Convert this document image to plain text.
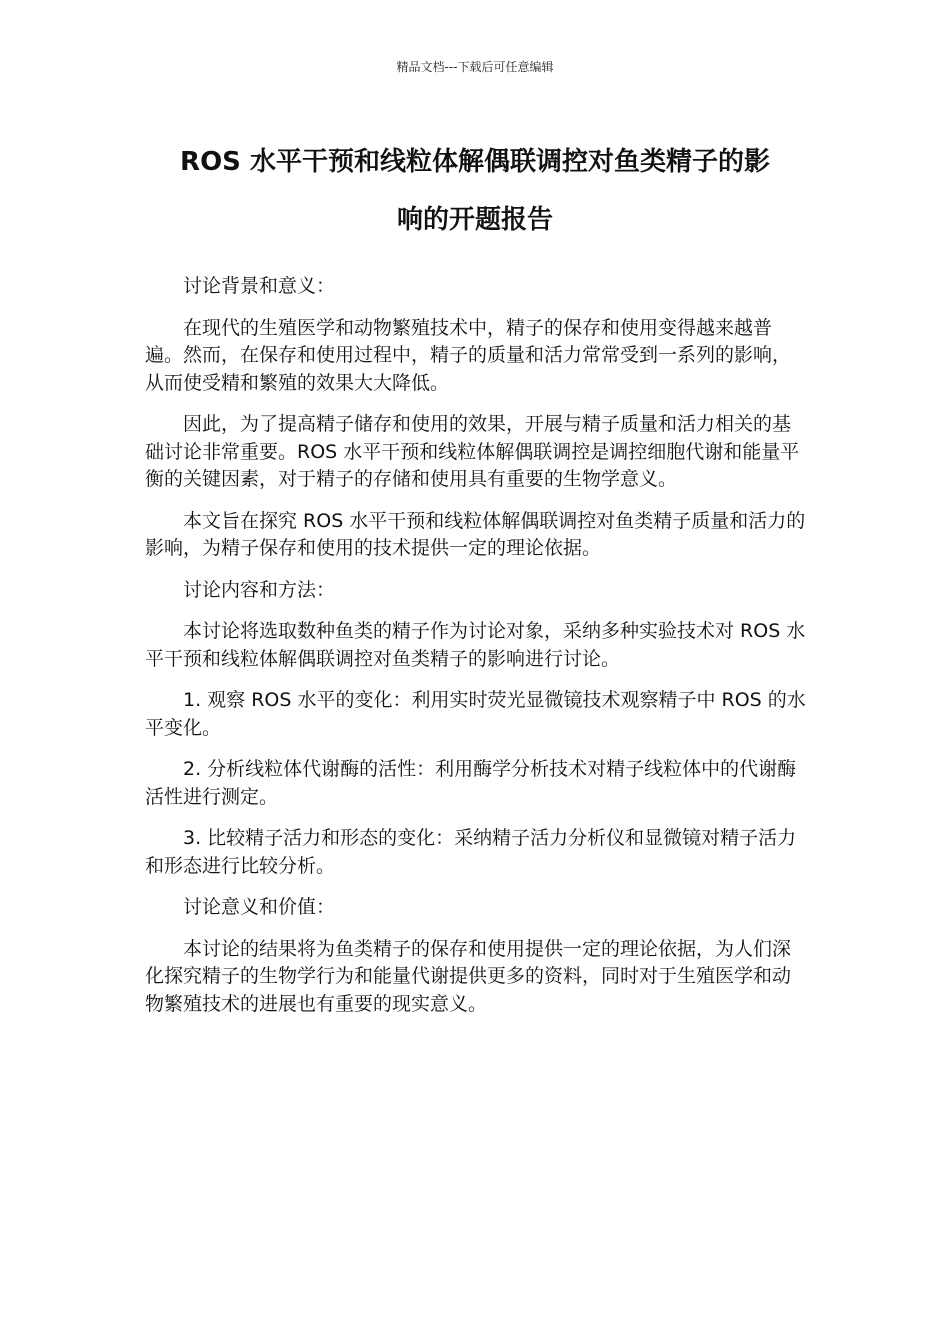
精品文档---下载后可任意编辑
ROS 水平干预和线粒体解偶联调控对鱼类精子的影
响的开题报告

讨论背景和意义：

在现代的生殖医学和动物繁殖技术中，精子的保存和使用变得越来越普遍。然而，在保存和使用过程中，精子的质量和活力常常受到一系列的影响，从而使受精和繁殖的效果大大降低。

因此，为了提高精子储存和使用的效果，开展与精子质量和活力相关的基础讨论非常重要。ROS 水平干预和线粒体解偶联调控是调控细胞代谢和能量平衡的关键因素，对于精子的存储和使用具有重要的生物学意义。

本文旨在探究 ROS 水平干预和线粒体解偶联调控对鱼类精子质量和活力的影响，为精子保存和使用的技术提供一定的理论依据。

讨论内容和方法：

本讨论将选取数种鱼类的精子作为讨论对象，采纳多种实验技术对 ROS 水平干预和线粒体解偶联调控对鱼类精子的影响进行讨论。

1. 观察 ROS 水平的变化：利用实时荧光显微镜技术观察精子中 ROS 的水平变化。

2. 分析线粒体代谢酶的活性：利用酶学分析技术对精子线粒体中的代谢酶活性进行测定。

3. 比较精子活力和形态的变化：采纳精子活力分析仪和显微镜对精子活力和形态进行比较分析。

讨论意义和价值：

本讨论的结果将为鱼类精子的保存和使用提供一定的理论依据，为人们深化探究精子的生物学行为和能量代谢提供更多的资料，同时对于生殖医学和动物繁殖技术的进展也有重要的现实意义。
